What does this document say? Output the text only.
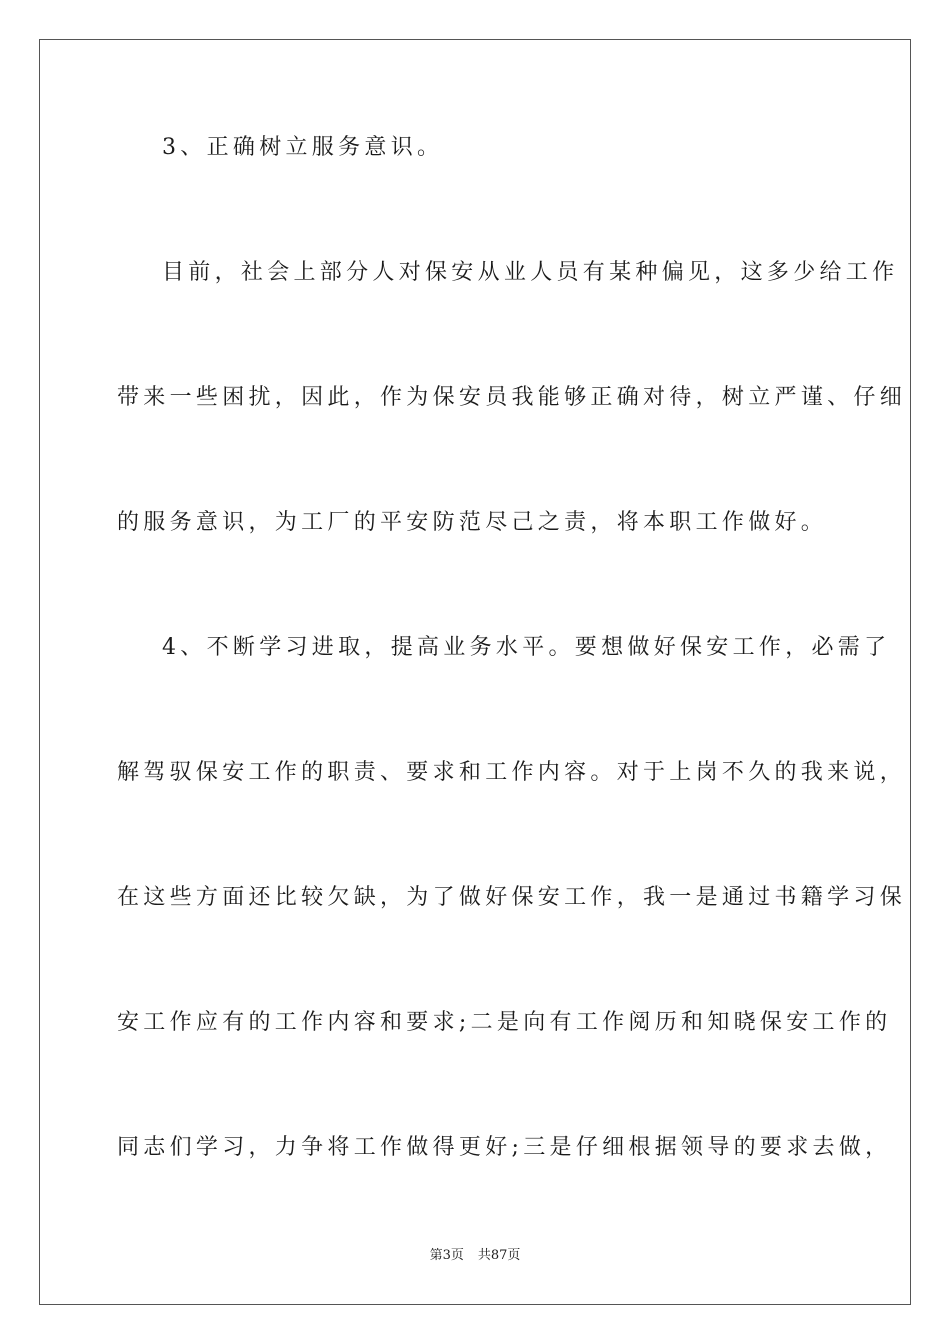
3、正确树立服务意识。
目前，社会上部分人对保安从业人员有某种偏见，这多少给工作
带来一些困扰，因此，作为保安员我能够正确对待，树立严谨、仔细
的服务意识，为工厂的平安防范尽己之责，将本职工作做好。
4、不断学习进取，提高业务水平。要想做好保安工作，必需了
解驾驭保安工作的职责、要求和工作内容。对于上岗不久的我来说，
在这些方面还比较欠缺，为了做好保安工作，我一是通过书籍学习保
安工作应有的工作内容和要求;二是向有工作阅历和知晓保安工作的
同志们学习，力争将工作做得更好;三是仔细根据领导的要求去做，
第3页 共87页
